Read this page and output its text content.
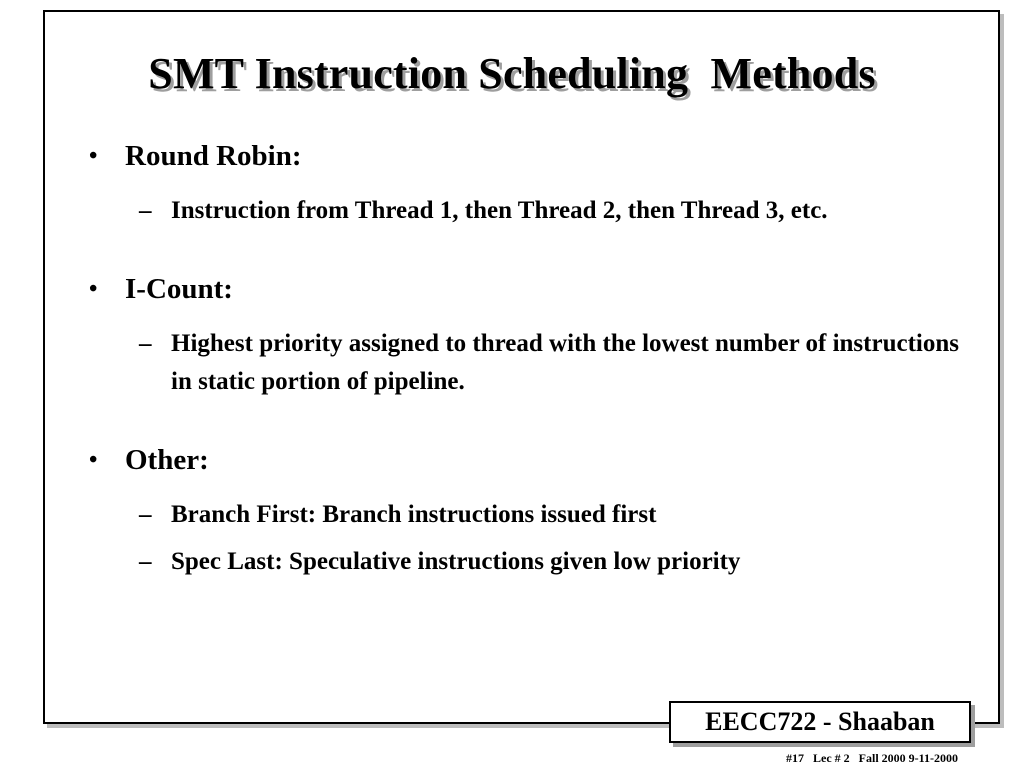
SMT Instruction Scheduling  Methods
• Round Robin:
– Instruction from Thread 1, then Thread 2, then Thread 3, etc.
• I-Count:
– Highest priority assigned to thread with the lowest number of instructions in static portion of pipeline.
• Other:
– Branch First: Branch instructions issued first
– Spec Last: Speculative instructions given low priority
EECC722 - Shaaban
#17   Lec # 2   Fall 2000 9-11-2000
